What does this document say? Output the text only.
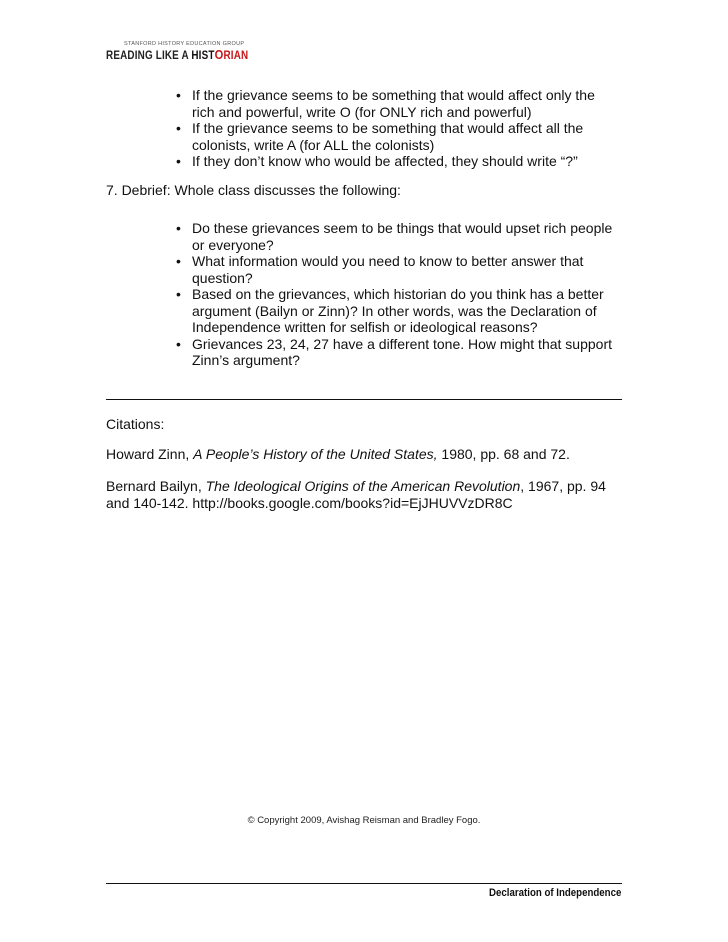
STANFORD HISTORY EDUCATION GROUP
READING LIKE A HISTORIAN
• If the grievance seems to be something that would affect only the rich and powerful, write O (for ONLY rich and powerful)
• If the grievance seems to be something that would affect all the colonists, write A (for ALL the colonists)
• If they don’t know who would be affected, they should write “?”

7. Debrief: Whole class discusses the following:

• Do these grievances seem to be things that would upset rich people or everyone?
• What information would you need to know to better answer that question?
• Based on the grievances, which historian do you think has a better argument (Bailyn or Zinn)? In other words, was the Declaration of Independence written for selfish or ideological reasons?
• Grievances 23, 24, 27 have a different tone. How might that support Zinn’s argument?

Citations:

Howard Zinn, A People’s History of the United States, 1980, pp. 68 and 72.

Bernard Bailyn, The Ideological Origins of the American Revolution, 1967, pp. 94 and 140-142. http://books.google.com/books?id=EjJHUVVzDR8C

© Copyright 2009, Avishag Reisman and Bradley Fogo.
Declaration of Independence
